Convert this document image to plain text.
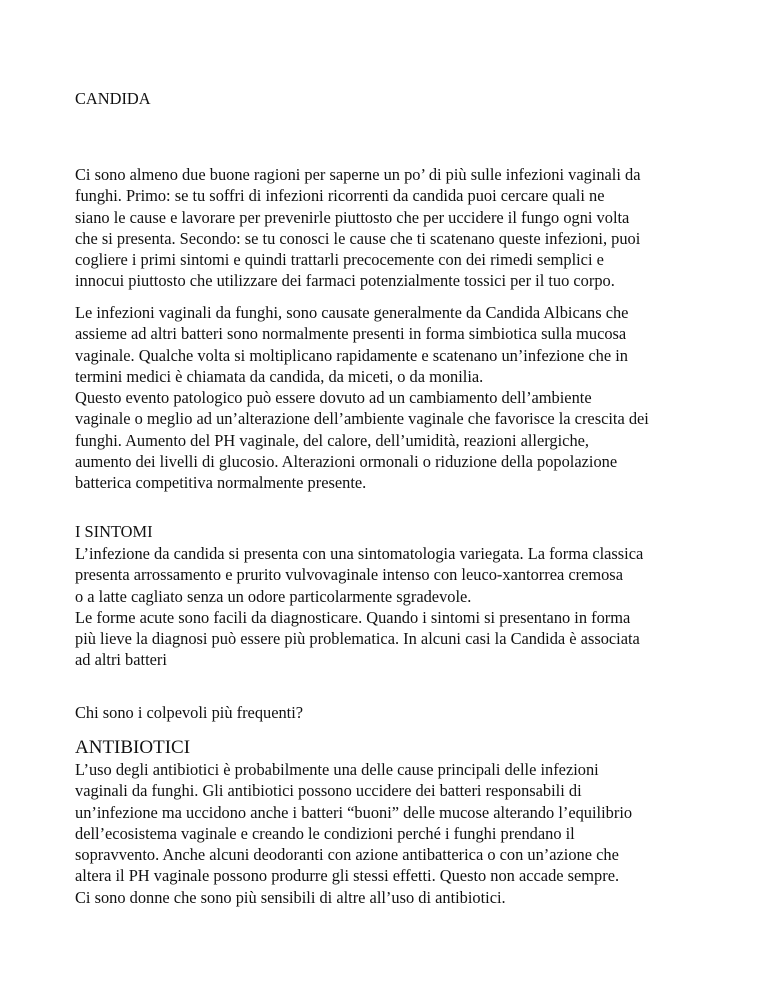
CANDIDA
Ci sono almeno due buone ragioni per saperne un po’ di più sulle infezioni vaginali da
funghi. Primo: se tu soffri di infezioni ricorrenti da candida puoi cercare quali ne
siano le cause e lavorare per prevenirle piuttosto che per uccidere il fungo ogni volta
che si presenta. Secondo: se tu conosci le cause che ti scatenano queste infezioni, puoi
cogliere i primi sintomi e quindi trattarli precocemente con dei rimedi semplici e
innocui piuttosto che utilizzare dei farmaci potenzialmente tossici per il tuo corpo.
Le infezioni vaginali da funghi, sono causate generalmente da Candida Albicans che
assieme ad altri batteri sono normalmente presenti in forma simbiotica sulla mucosa
vaginale. Qualche volta si moltiplicano rapidamente e scatenano un’infezione che in
termini medici è chiamata da candida, da miceti, o da monilia.
Questo evento patologico può essere dovuto ad un cambiamento dell’ambiente
vaginale o meglio ad un’alterazione dell’ambiente vaginale che favorisce la crescita dei
funghi. Aumento del PH vaginale, del calore, dell’umidità, reazioni allergiche,
aumento dei livelli di glucosio. Alterazioni ormonali o riduzione della popolazione
batterica competitiva normalmente presente.
I SINTOMI
L’infezione da candida si presenta con una sintomatologia variegata. La forma classica
presenta arrossamento e prurito vulvovaginale intenso con leuco-xantorrea cremosa
o a latte cagliato senza un odore particolarmente sgradevole.
Le forme acute sono facili da diagnosticare. Quando i sintomi si presentano in forma
più lieve la diagnosi può essere più problematica. In alcuni casi la Candida è associata
ad altri batteri
Chi sono i colpevoli più frequenti?
ANTIBIOTICI
L’uso degli antibiotici è probabilmente una delle cause principali delle infezioni
vaginali da funghi. Gli antibiotici possono uccidere dei batteri responsabili di
un’infezione ma uccidono anche i batteri “buoni” delle mucose alterando l’equilibrio
dell’ecosistema vaginale e creando le condizioni perché i funghi prendano il
sopravvento. Anche alcuni deodoranti con azione antibatterica o con un’azione che
altera il PH vaginale possono produrre gli stessi effetti. Questo non accade sempre.
Ci sono donne che sono più sensibili di altre all’uso di antibiotici.
